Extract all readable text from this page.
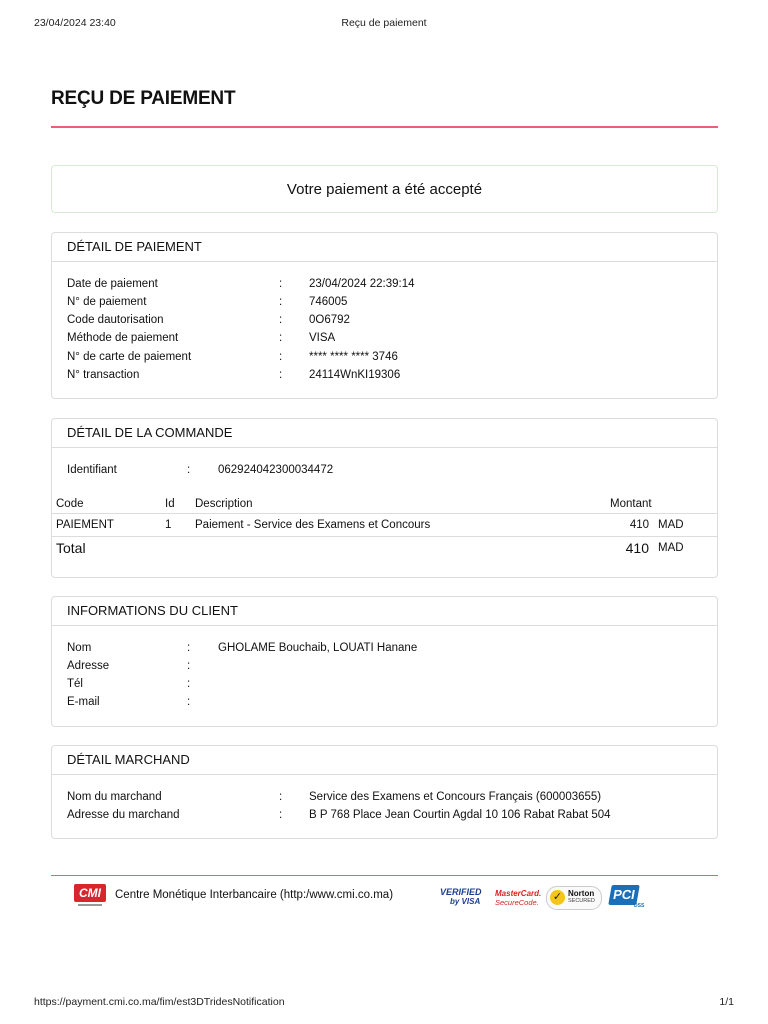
23/04/2024 23:40	Reçu de paiement
REÇU DE PAIEMENT
Votre paiement a été accepté
DÉTAIL DE PAIEMENT
Date de paiement	: 23/04/2024 22:39:14
N° de paiement	: 746005
Code dautorisation	: 0O6792
Méthode de paiement	: VISA
N° de carte de paiement	: **** **** **** 3746
N° transaction	: 24114WnKI19306
DÉTAIL DE LA COMMANDE
Identifiant	: 062924042300034472
Code	Id Description	Montant
PAIEMENT	1 Paiement - Service des Examens et Concours	410 MAD
Total	410 MAD
INFORMATIONS DU CLIENT
Nom	: GHOLAME Bouchaib, LOUATI Hanane
Adresse	:
Tél	:
E-mail	:
DÉTAIL MARCHAND
Nom du marchand	: Service des Examens et Concours Français (600003655)
Adresse du marchand	: B P 768 Place Jean Courtin Agdal 10 106 Rabat Rabat 504
CMI	Centre Monétique Interbancaire (http:/www.cmi.co.ma)	VERIFIED
by VISA
MasterCard.
SecureCode. ✓ Norton
SECURED PCI
DSS
https://payment.cmi.co.ma/fim/est3DTridesNotification	1/1
